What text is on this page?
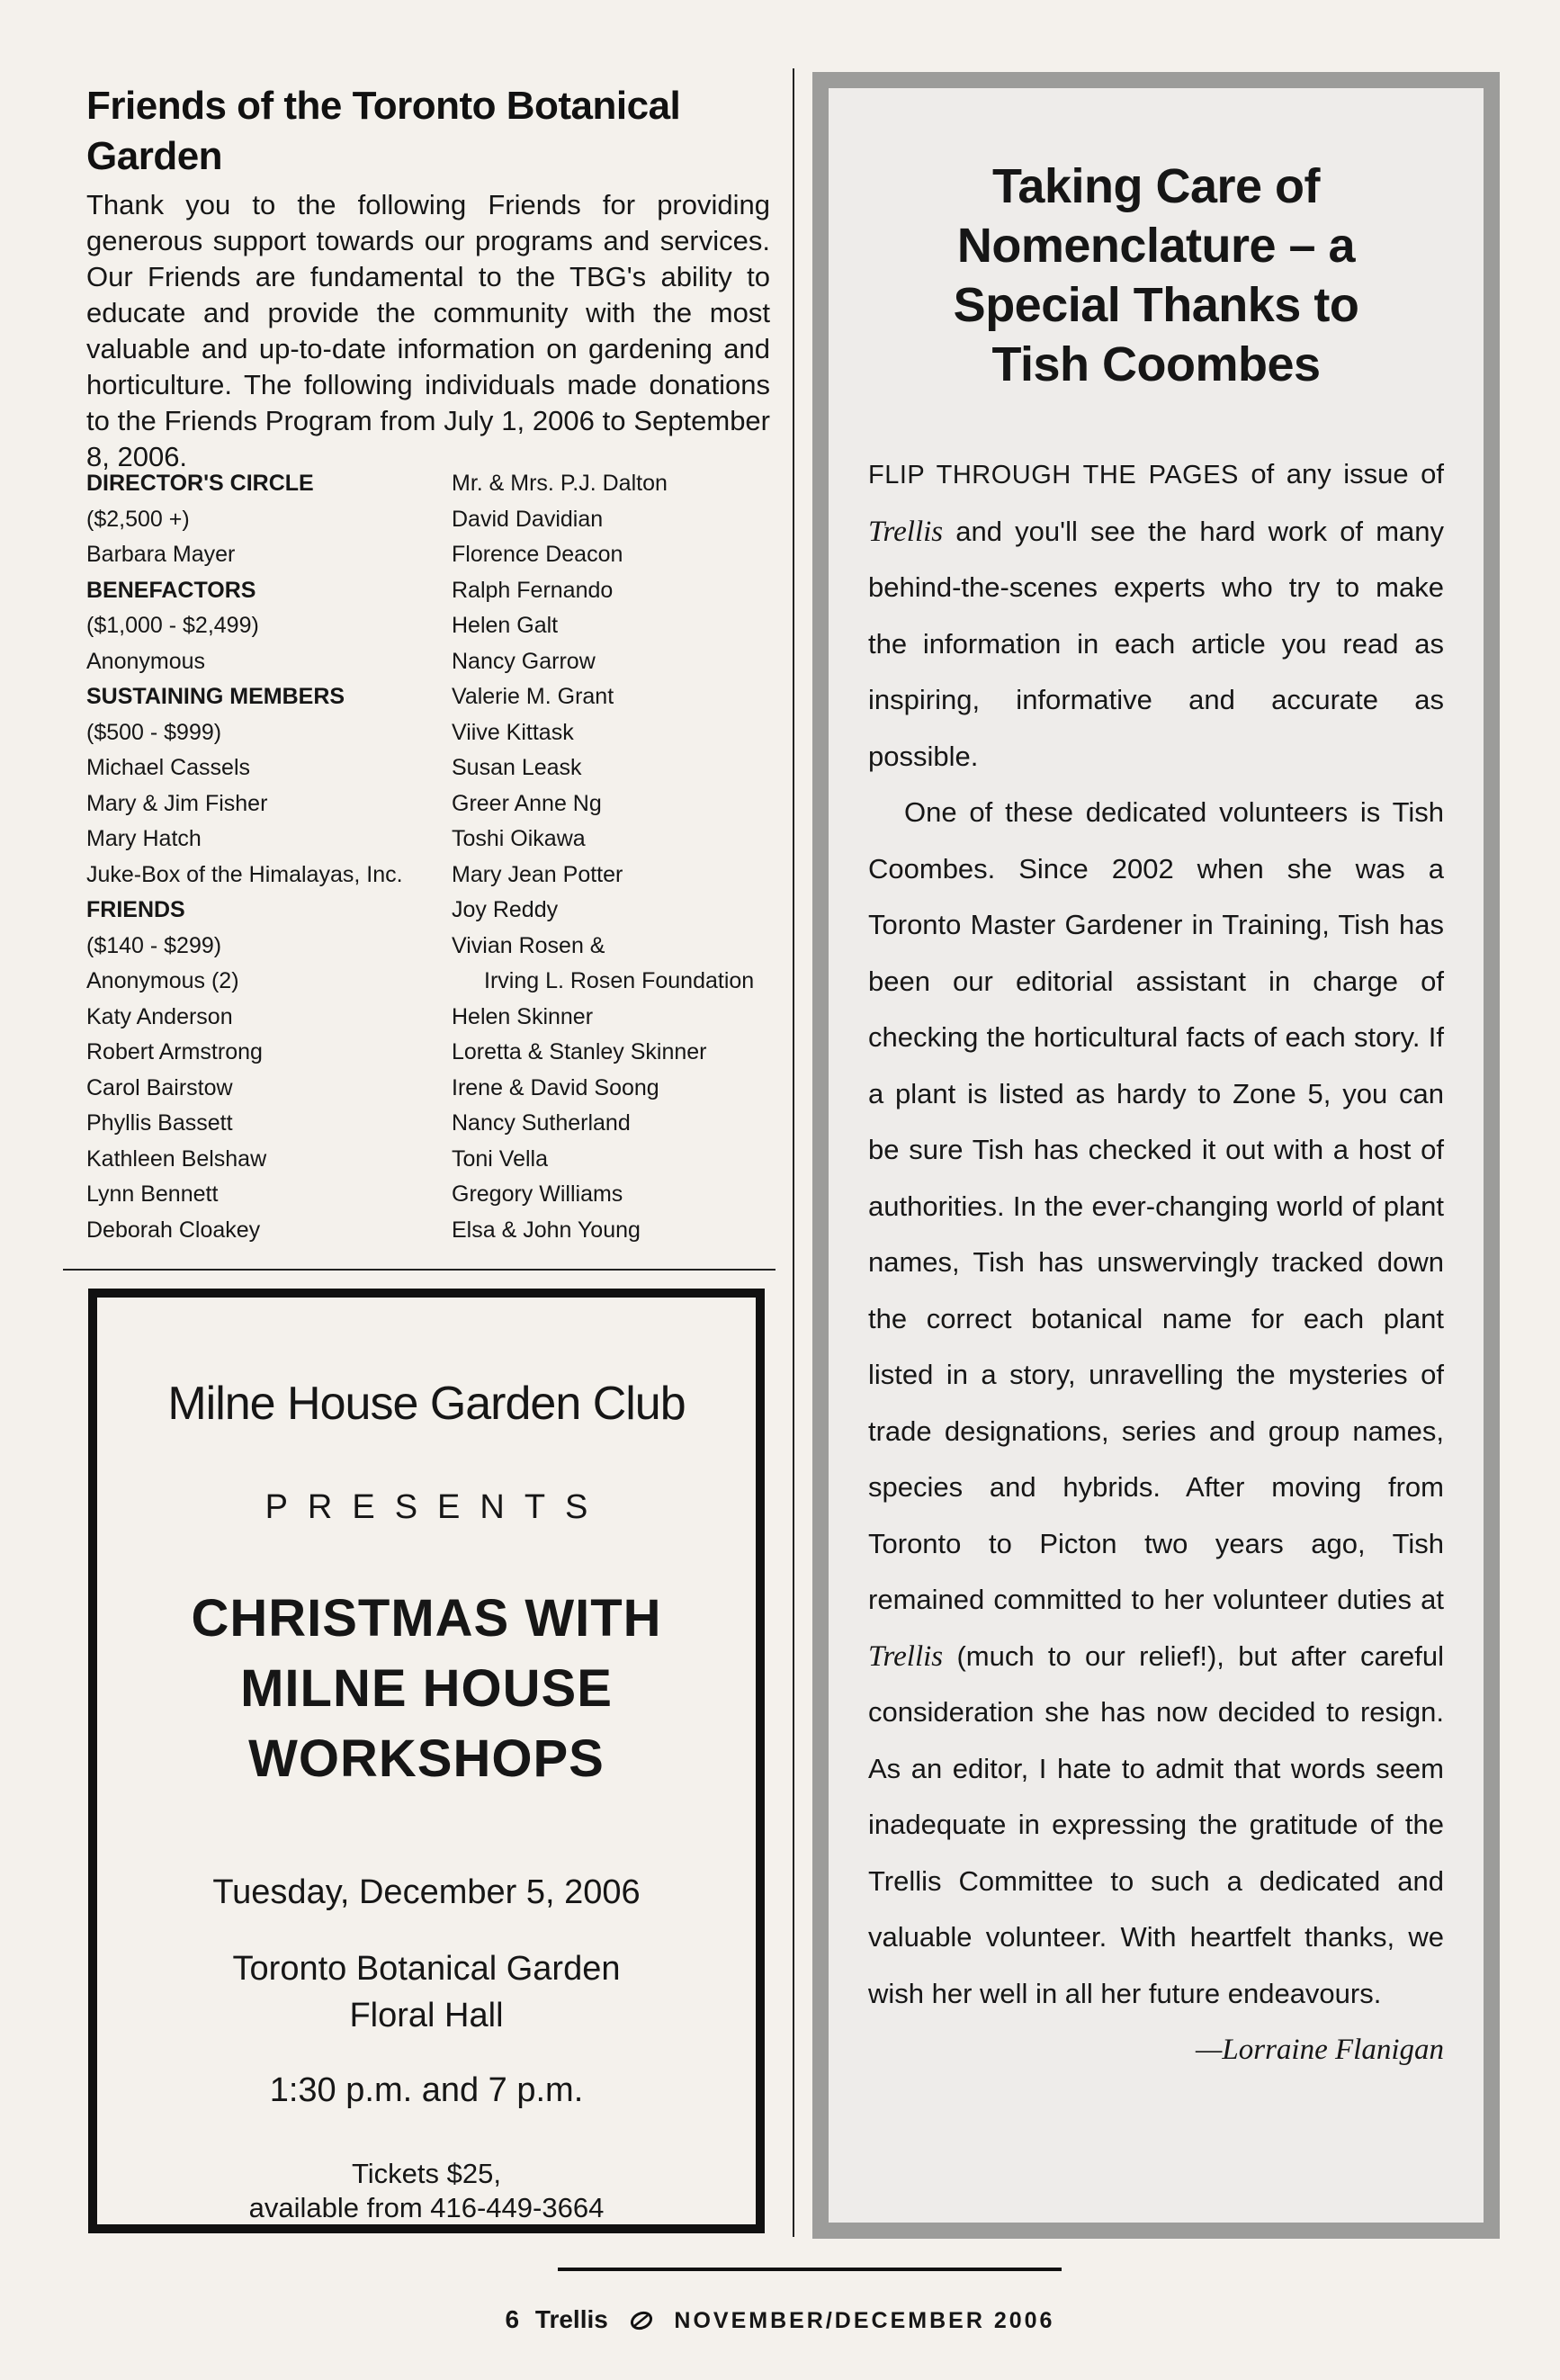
Friends of the Toronto Botanical Garden

Thank you to the following Friends for providing generous support towards our programs and services. Our Friends are fundamental to the TBG's ability to educate and provide the community with the most valuable and up-to-date information on gardening and horticulture. The following individuals made donations to the Friends Program from July 1, 2006 to September 8, 2006.

DIRECTOR'S CIRCLE
($2,500 +)
Barbara Mayer
BENEFACTORS
($1,000 - $2,499)
Anonymous
SUSTAINING MEMBERS
($500 - $999)
Michael Cassels
Mary & Jim Fisher
Mary Hatch
Juke-Box of the Himalayas, Inc.
FRIENDS
($140 - $299)
Anonymous (2)
Katy Anderson
Robert Armstrong
Carol Bairstow
Phyllis Bassett
Kathleen Belshaw
Lynn Bennett
Deborah Cloakey
Mr. & Mrs. P.J. Dalton
David Davidian
Florence Deacon
Ralph Fernando
Helen Galt
Nancy Garrow
Valerie M. Grant
Viive Kittask
Susan Leask
Greer Anne Ng
Toshi Oikawa
Mary Jean Potter
Joy Reddy
Vivian Rosen &
Irving L. Rosen Foundation
Helen Skinner
Loretta & Stanley Skinner
Irene & David Soong
Nancy Sutherland
Toni Vella
Gregory Williams
Elsa & John Young
Milne House Garden Club
PRESENTS
CHRISTMAS WITH
MILNE HOUSE
WORKSHOPS
Tuesday, December 5, 2006
Toronto Botanical Garden
Floral Hall
1:30 p.m. and 7 p.m.
Tickets $25,
available from 416-449-3664
Taking Care of
Nomenclature – a
Special Thanks to
Tish Coombes

FLIP THROUGH THE PAGES of any issue of Trellis and you'll see the hard work of many behind-the-scenes experts who try to make the information in each article you read as inspiring, informative and accurate as possible.

One of these dedicated volunteers is Tish Coombes. Since 2002 when she was a Toronto Master Gardener in Training, Tish has been our editorial assistant in charge of checking the horticultural facts of each story. If a plant is listed as hardy to Zone 5, you can be sure Tish has checked it out with a host of authorities. In the ever-changing world of plant names, Tish has unswervingly tracked down the correct botanical name for each plant listed in a story, unravelling the mysteries of trade designations, series and group names, species and hybrids. After moving from Toronto to Picton two years ago, Tish remained committed to her volunteer duties at Trellis (much to our relief!), but after careful consideration she has now decided to resign. As an editor, I hate to admit that words seem inadequate in expressing the gratitude of the Trellis Committee to such a dedicated and valuable volunteer. With heartfelt thanks, we wish her well in all her future endeavours.

—Lorraine Flanigan
6 Trellis	NOVEMBER/DECEMBER 2006
